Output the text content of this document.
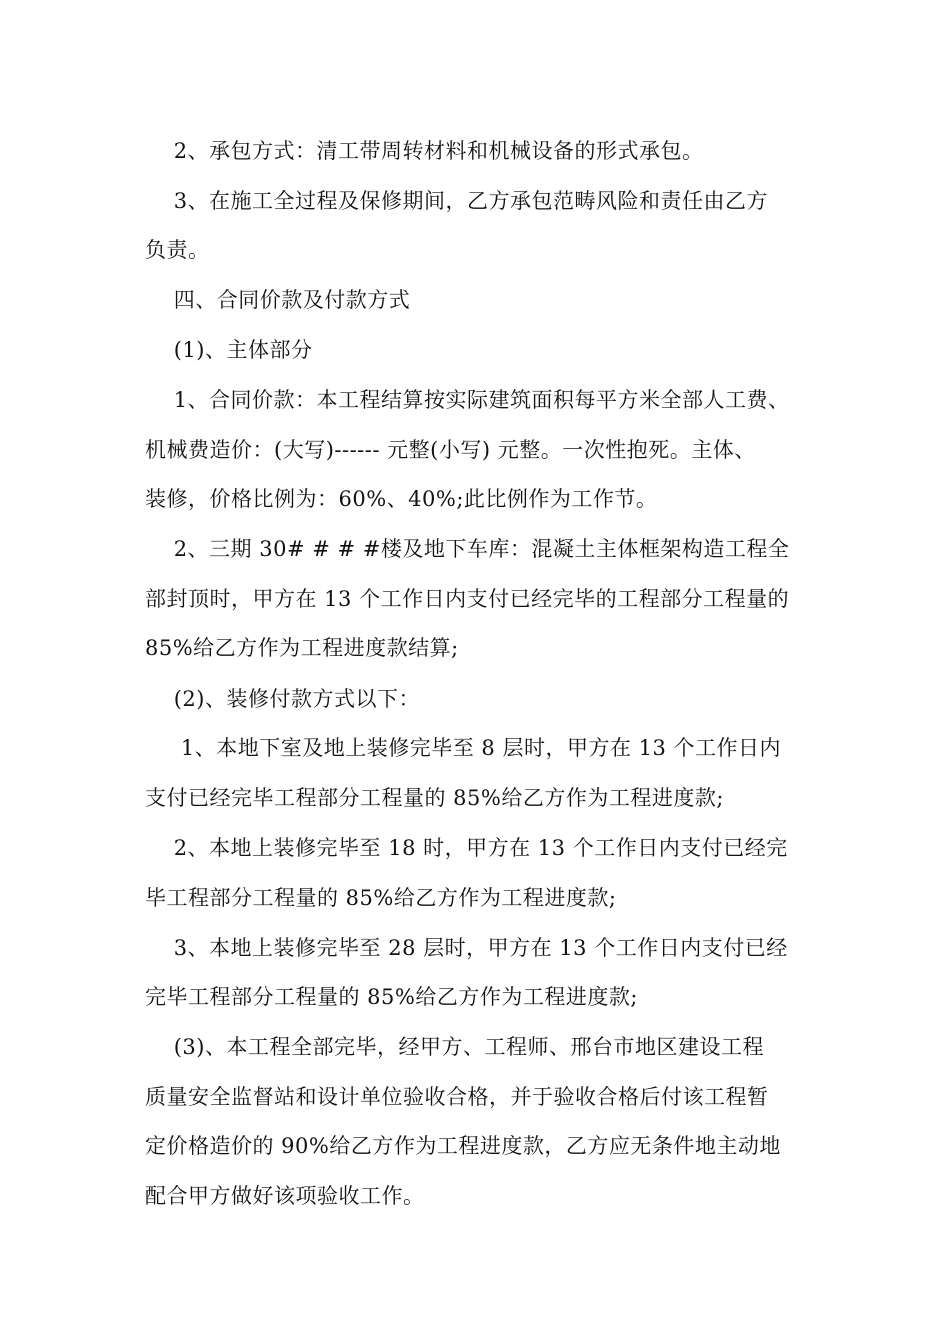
2、承包方式：清工带周转材料和机械设备的形式承包。
3、在施工全过程及保修期间，乙方承包范畴风险和责任由乙方
负责。
四、合同价款及付款方式
(1)、主体部分
1、合同价款：本工程结算按实际建筑面积每平方米全部人工费、
机械费造价：(大写)------ 元整(小写) 元整。一次性抱死。主体、
装修，价格比例为：60%、40%;此比例作为工作节。
2、三期 30# # # #楼及地下车库：混凝土主体框架构造工程全
部封顶时，甲方在 13 个工作日内支付已经完毕的工程部分工程量的
85%给乙方作为工程进度款结算;
(2)、装修付款方式以下：
1、本地下室及地上装修完毕至 8 层时，甲方在 13 个工作日内
支付已经完毕工程部分工程量的 85%给乙方作为工程进度款;
2、本地上装修完毕至 18 时，甲方在 13 个工作日内支付已经完
毕工程部分工程量的 85%给乙方作为工程进度款;
3、本地上装修完毕至 28 层时，甲方在 13 个工作日内支付已经
完毕工程部分工程量的 85%给乙方作为工程进度款;
(3)、本工程全部完毕，经甲方、工程师、邢台市地区建设工程
质量安全监督站和设计单位验收合格，并于验收合格后付该工程暂
定价格造价的 90%给乙方作为工程进度款，乙方应无条件地主动地
配合甲方做好该项验收工作。
